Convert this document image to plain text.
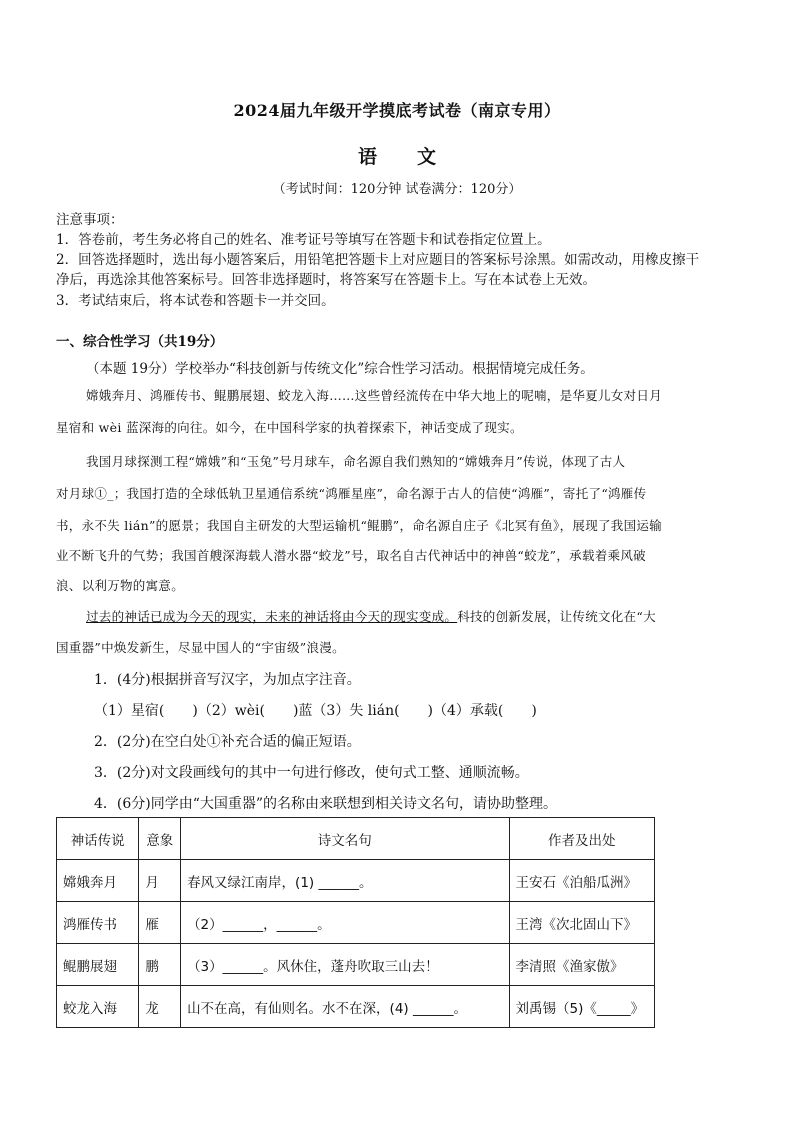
2024届九年级开学摸底考试卷（南京专用）
语文
（考试时间：120分钟 试卷满分：120分）
注意事项：
1．答卷前，考生务必将自己的姓名、准考证号等填写在答题卡和试卷指定位置上。
2．回答选择题时，选出每小题答案后，用铅笔把答题卡上对应题目的答案标号涂黑。如需改动，用橡皮擦干
净后，再选涂其他答案标号。回答非选择题时，将答案写在答题卡上。写在本试卷上无效。
3．考试结束后，将本试卷和答题卡一并交回。
一、综合性学习（共19分）
（本题 19分）学校举办“科技创新与传统文化”综合性学习活动。根据情境完成任务。
嫦娥奔月、鸿雁传书、鲲鹏展翅、蛟龙入海……这些曾经流传在中华大地上的呢喃，是华夏儿女对日月
星宿和 wèi 蓝深海的向往。如今，在中国科学家的执着探索下，神话变成了现实。
我国月球探测工程“嫦娥”和“玉兔”号月球车，命名源自我们熟知的“嫦娥奔月”传说，体现了古人
对月球①_；我国打造的全球低轨卫星通信系统“鸿雁星座”，命名源于古人的信使“鸿雁”，寄托了“鸿雁传
书，永不失 lián”的愿景；我国自主研发的大型运输机“鲲鹏”，命名源自庄子《北冥有鱼》，展现了我国运输
业不断飞升的气势；我国首艘深海载人潜水器“蛟龙”号，取名自古代神话中的神兽“蛟龙”，承载着乘风破
浪、以利万物的寓意。
过去的神话已成为今天的现实，未来的神话将由今天的现实变成。科技的创新发展，让传统文化在“大
国重器”中焕发新生，尽显中国人的“宇宙级”浪漫。
1．(4分)根据拼音写汉字，为加点字注音。
（1）星宿(　　)（2）wèi(　　)蓝（3）失 lián(　　)（4）承载(　　)
2．(2分)在空白处①补充合适的偏正短语。
3．(2分)对文段画线句的其中一句进行修改，使句式工整、通顺流畅。
4．(6分)同学由“大国重器”的名称由来联想到相关诗文名句，请协助整理。
神话传说	意象	诗文名句	作者及出处
嫦娥奔月	月	春风又绿江南岸，(1) ______。	王安石《泊船瓜洲》
鸿雁传书	雁	（2）______，______。	王湾《次北固山下》
鲲鹏展翅	鹏	（3）______。风休住，蓬舟吹取三山去！	李清照《渔家傲》
蛟龙入海	龙	山不在高，有仙则名。水不在深，(4) ______。	刘禹锡（5)《_____》
